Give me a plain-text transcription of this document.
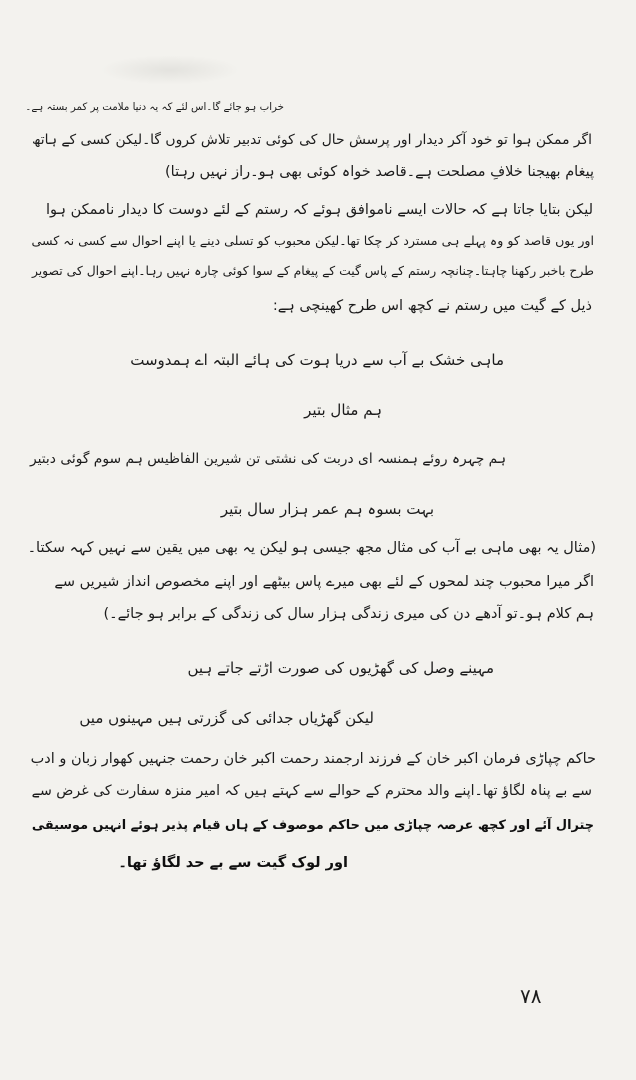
خراب ہو جائے گا۔اس لئے کہ یہ دنیا ملامت پر کمر بستہ ہے۔
اگر ممکن ہوا تو خود آکر دیدار اور پرسش حال کی کوئی تدبیر تلاش کروں گا۔لیکن کسی کے ہاتھ
پیغام بھیجنا خلافِ مصلحت ہے۔قاصد خواہ کوئی بھی ہو۔راز نہیں رہتا)
لیکن بتایا جاتا ہے کہ حالات ایسے ناموافق ہوئے کہ رستم کے لئے دوست کا دیدار ناممکن ہوا
اور یوں قاصد کو وہ پہلے ہی مسترد کر چکا تھا۔لیکن محبوب کو تسلی دینے یا اپنے احوال سے کسی نہ کسی
طرح باخبر رکھنا چاہتا۔چنانچہ رستم کے پاس گیت کے پیغام کے سوا کوئی چارہ نہیں رہا۔اپنے احوال کی تصویر
ذیل کے گیت میں رستم نے کچھ اس طرح کھینچی ہے:
ماہی خشک بے آب سے دریا ہوت کی ہائے البتہ اے ہمدوست
ہم مثال بتیر
ہم چہرہ روئے ہمنسہ ای دربت کی نشتی تن شیرین الفاظیس ہم سوم گوئی دبتیر
بہت بسوہ ہم عمر ہزار سال بتیر
(مثال یہ بھی ماہی بے آب کی مثال مجھ جیسی ہو لیکن یہ بھی میں یقین سے نہیں کہہ سکتا۔
اگر میرا محبوب چند لمحوں کے لئے بھی میرے پاس بیٹھے اور اپنے مخصوص انداز شیریں سے
ہم کلام ہو۔تو آدھے دن کی میری زندگی ہزار سال کی زندگی کے برابر ہو جائے۔)
مہینے وصل کی گھڑیوں کی صورت اڑتے جاتے ہیں
لیکن گھڑیاں جدائی کی گزرتی ہیں مہینوں میں
حاکم چپاڑی فرمان اکبر خان کے فرزند ارجمند رحمت اکبر خان رحمت جنہیں کھوار زبان و ادب
سے بے پناہ لگاؤ تھا۔اپنے والد محترم کے حوالے سے کہتے ہیں کہ امیر منزہ سفارت کی غرض سے
چترال آئے اور کچھ عرصہ چپاڑی میں حاکم موصوف کے ہاں قیام پذیر ہوئے انہیں موسیقی
اور لوک گیت سے بے حد لگاؤ تھا۔
۷۸
